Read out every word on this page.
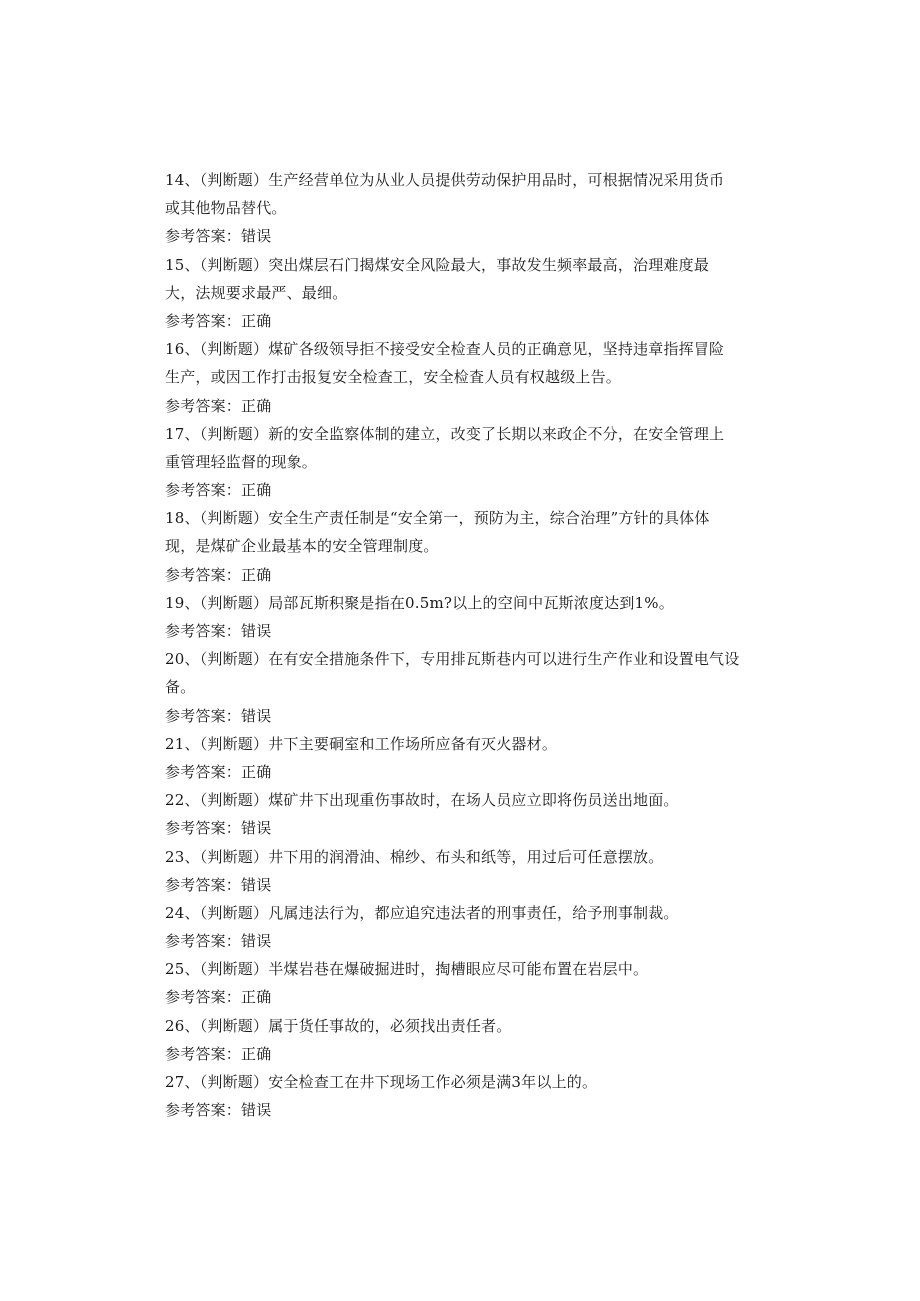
14、（判断题）生产经营单位为从业人员提供劳动保护用品时，可根据情况采用货币
或其他物品替代。
参考答案：错误
15、（判断题）突出煤层石门揭煤安全风险最大，事故发生频率最高，治理难度最
大，法规要求最严、最细。
参考答案：正确
16、（判断题）煤矿各级领导拒不接受安全检查人员的正确意见，坚持违章指挥冒险
生产，或因工作打击报复安全检查工，安全检査人员有权越级上告。
参考答案：正确
17、（判断题）新的安全监察体制的建立，改变了长期以来政企不分，在安全管理上
重管理轻监督的现象。
参考答案：正确
18、（判断题）安全生产责任制是“安全第一，预防为主，综合治理”方针的具体体
现，是煤矿企业最基本的安全管理制度。
参考答案：正确
19、（判断题）局部瓦斯积聚是指在0.5m?以上的空间中瓦斯浓度达到1%。
参考答案：错误
20、（判断题）在有安全措施条件下，专用排瓦斯巷内可以进行生产作业和设置电气设
备。
参考答案：错误
21、（判断题）井下主要硐室和工作场所应备有灭火器材。
参考答案：正确
22、（判断题）煤矿井下出现重伤事故时，在场人员应立即将伤员送出地面。
参考答案：错误
23、（判断题）井下用的润滑油、棉纱、布头和纸等，用过后可任意摆放。
参考答案：错误
24、（判断题）凡属违法行为，都应追究违法者的刑事责任，给予刑事制裁。
参考答案：错误
25、（判断题）半煤岩巷在爆破掘进时，掏槽眼应尽可能布置在岩层中。
参考答案：正确
26、（判断题）属于货任事故的，必须找出责任者。
参考答案：正确
27、（判断题）安全检查工在井下现场工作必须是满3年以上的。
参考答案：错误
